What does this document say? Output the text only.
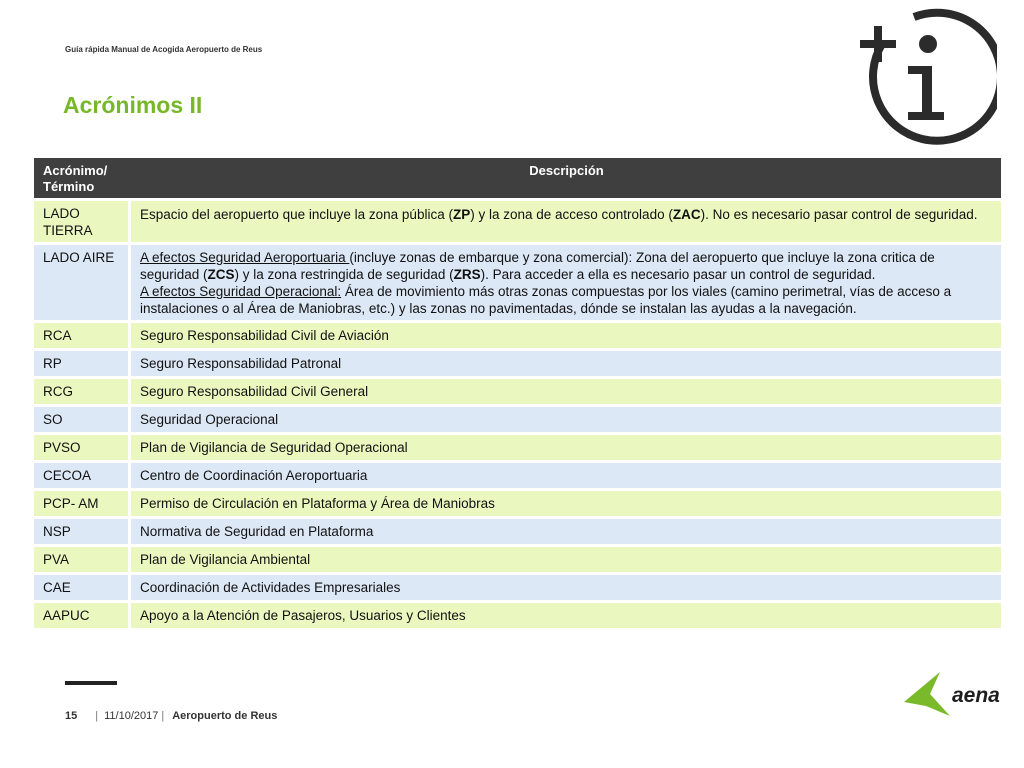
Guía rápida Manual de Acogida Aeropuerto de Reus
Acrónimos II
Acrónimo/ Término	Descripción
LADO TIERRA	Espacio del aeropuerto que incluye la zona pública (ZP) y la zona de acceso controlado (ZAC). No es necesario pasar control de seguridad.
LADO AIRE	A efectos Seguridad Aeroportuaria (incluye zonas de embarque y zona comercial): Zona del aeropuerto que incluye la zona critica de seguridad (ZCS) y la zona restringida de seguridad (ZRS). Para acceder a ella es necesario pasar un control de seguridad.
A efectos Seguridad Operacional: Área de movimiento más otras zonas compuestas por los viales (camino perimetral, vías de acceso a instalaciones o al Área de Maniobras, etc.) y las zonas no pavimentadas, dónde se instalan las ayudas a la navegación.
RCA	Seguro Responsabilidad Civil de Aviación
RP	Seguro Responsabilidad Patronal
RCG	Seguro Responsabilidad Civil General
SO	Seguridad Operacional
PVSO	Plan de Vigilancia de Seguridad Operacional
CECOA	Centro de Coordinación Aeroportuaria
PCP- AM	Permiso de Circulación en Plataforma y Área de Maniobras
NSP	Normativa de Seguridad en Plataforma
PVA	Plan de Vigilancia Ambiental
CAE	Coordinación de Actividades Empresariales
AAPUC	Apoyo a la Atención de Pasajeros, Usuarios y Clientes
15 | 11/10/2017 | Aeropuerto de Reus
aena
